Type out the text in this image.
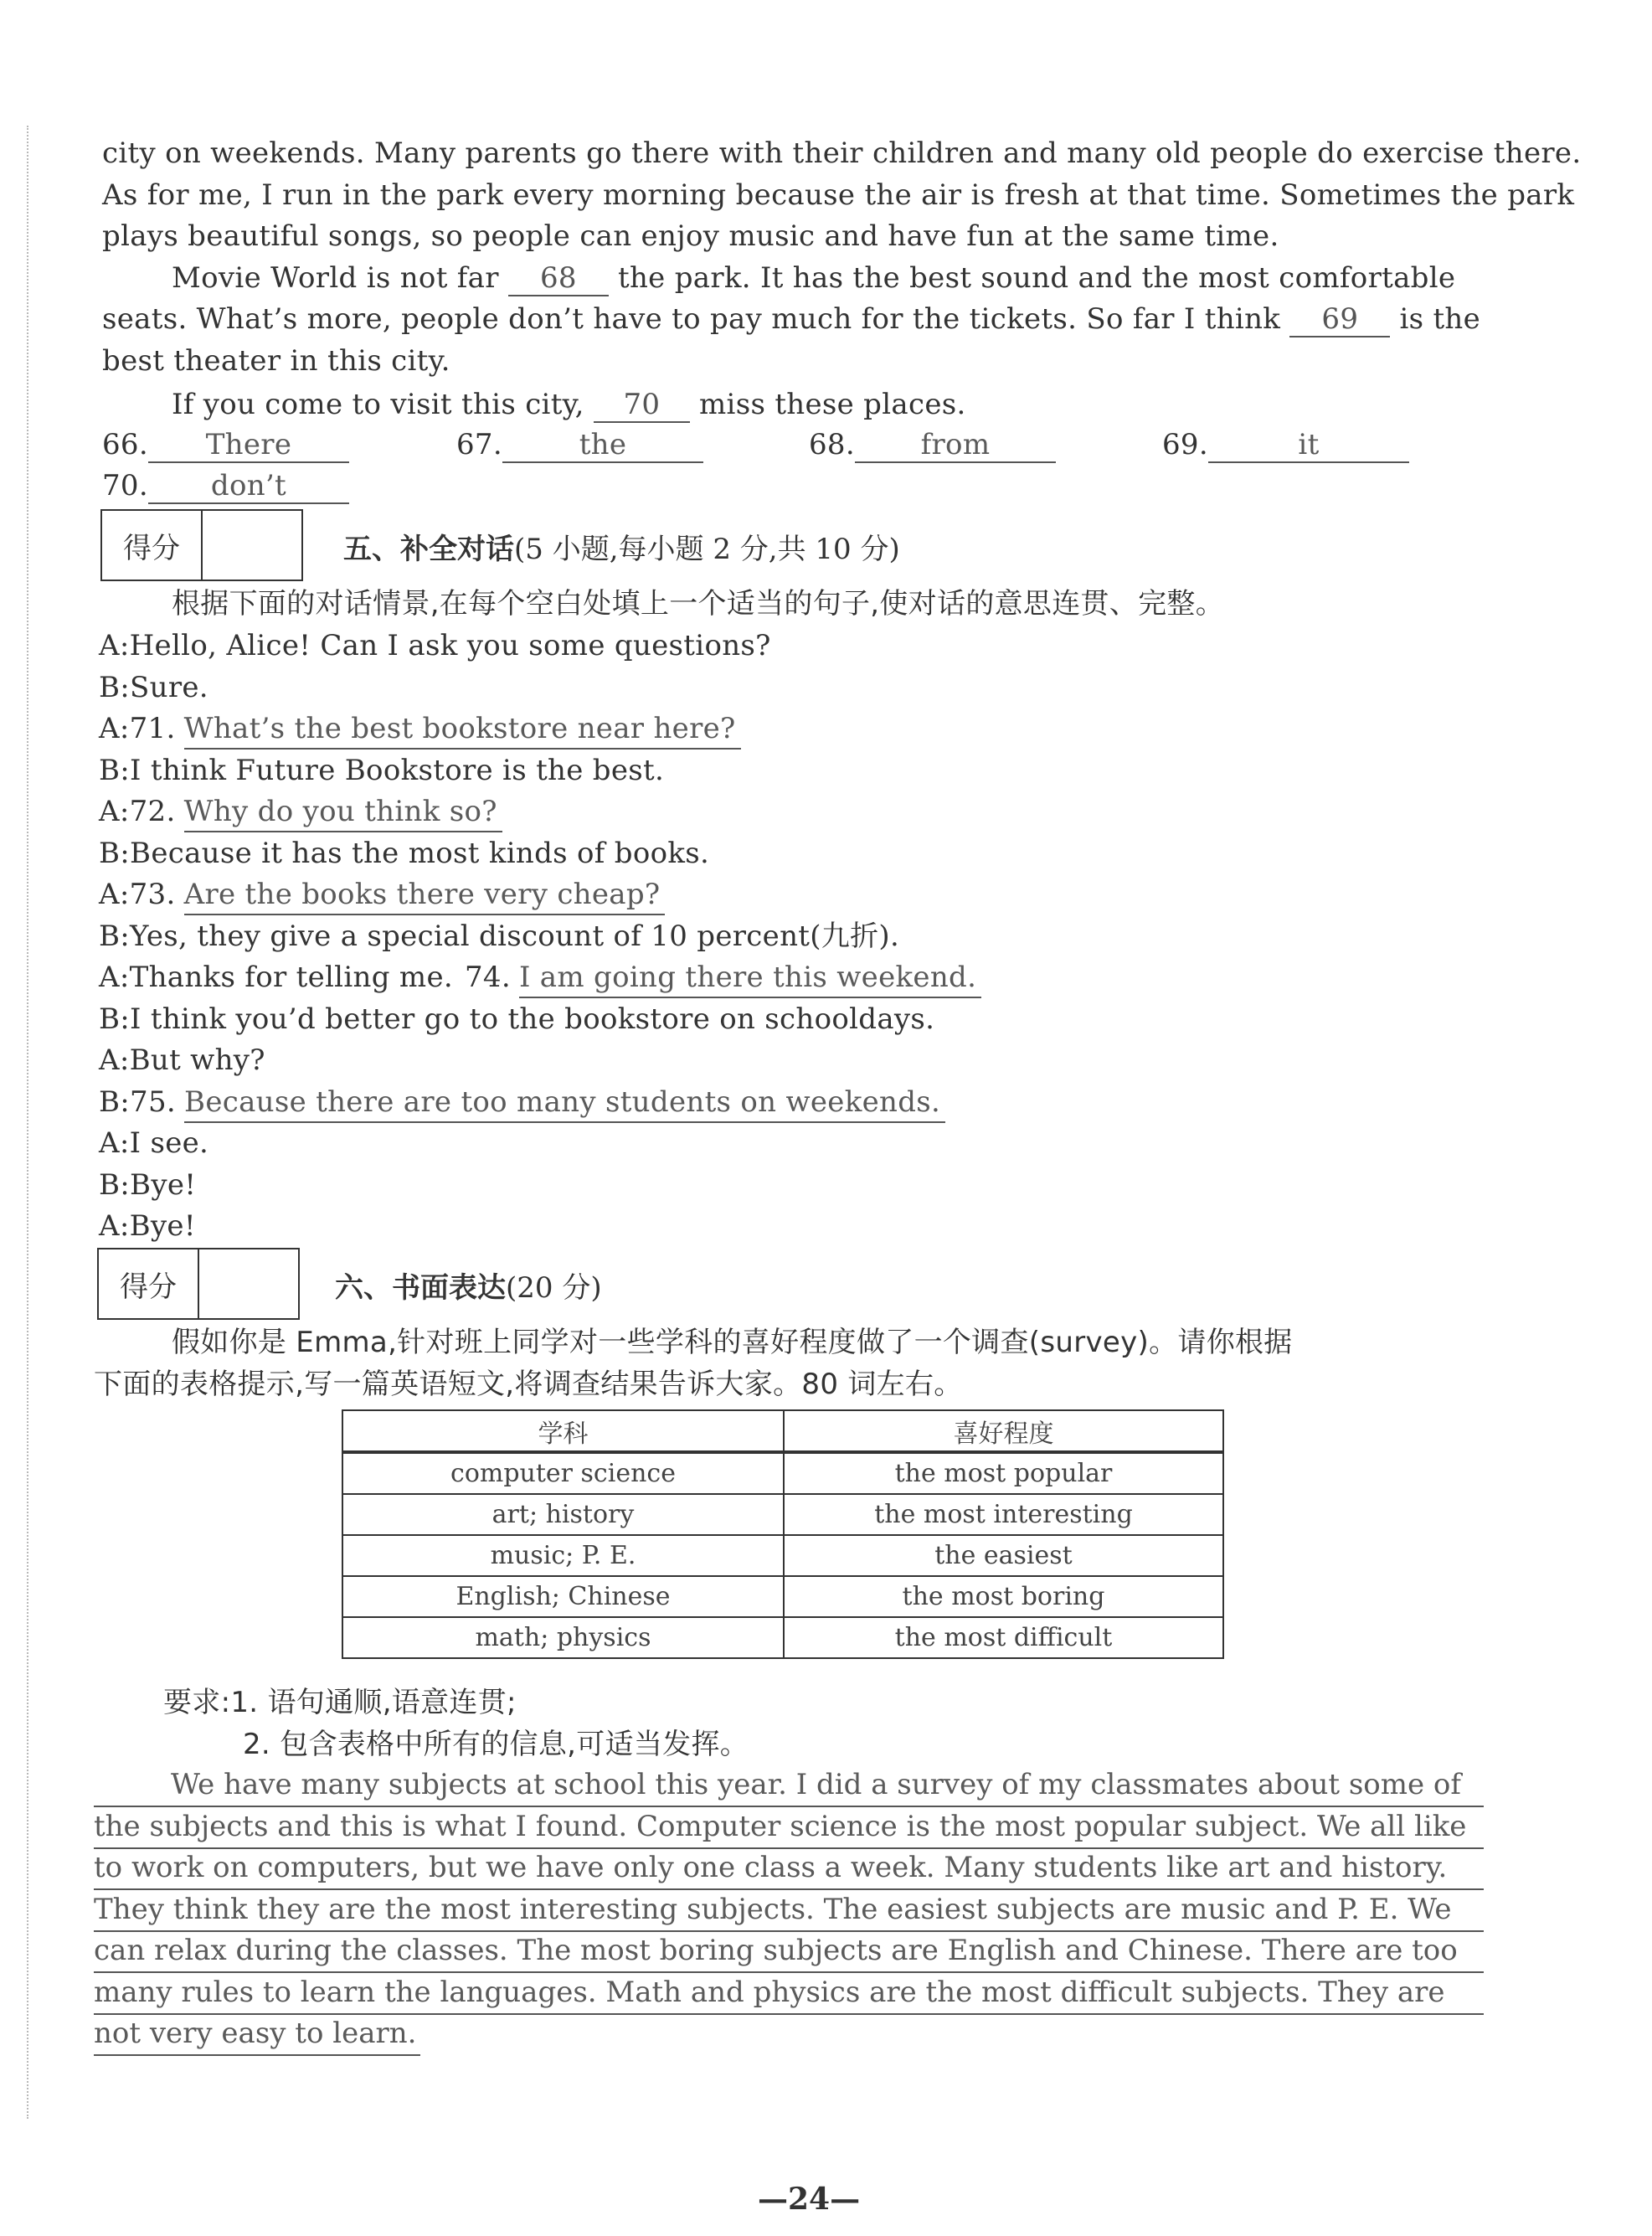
city on weekends. Many parents go there with their children and many old people do exercise there.
As for me, I run in the park every morning because the air is fresh at that time. Sometimes the park
plays beautiful songs, so people can enjoy music and have fun at the same time.
Movie World is not far 68 the park. It has the best sound and the most comfortable
seats. What’s more, people don’t have to pay much for the tickets. So far I think 69 is the
best theater in this city.
If you come to visit this city, 70 miss these places.
66. There	67.	the	68. from	69.	it
70. don’t
得分	五、补全对话(5 小题,每小题 2 分,共 10 分)
根据下面的对话情景,在每个空白处填上一个适当的句子,使对话的意思连贯、完整。
A:Hello, Alice! Can I ask you some questions?
B:Sure.
A:71. What’s the best bookstore near here?
B:I think Future Bookstore is the best.
A:72. Why do you think so?
B:Because it has the most kinds of books.
A:73. Are the books there very cheap?
B:Yes, they give a special discount of 10 percent(九折).
A:Thanks for telling me. 74. I am going there this weekend.
B:I think you’d better go to the bookstore on schooldays.
A:But why?
B:75. Because there are too many students on weekends.
A:I see.
B:Bye!
A:Bye!
得分	六、书面表达(20 分)
假如你是 Emma,针对班上同学对一些学科的喜好程度做了一个调查(survey)。请你根据
下面的表格提示,写一篇英语短文,将调查结果告诉大家。80 词左右。
学科	喜好程度
computer science	the most popular
art; history	the most interesting
music; P. E.	the easiest
English; Chinese	the most boring
math; physics	the most difficult
要求:1. 语句通顺,语意连贯;
2. 包含表格中所有的信息,可适当发挥。
We have many subjects at school this year. I did a survey of my classmates about some of
the subjects and this is what I found. Computer science is the most popular subject. We all like
to work on computers, but we have only one class a week. Many students like art and history.
They think they are the most interesting subjects. The easiest subjects are music and P. E. We
can relax during the classes. The most boring subjects are English and Chinese. There are too
many rules to learn the languages. Math and physics are the most difficult subjects. They are
not very easy to learn.
—24—
